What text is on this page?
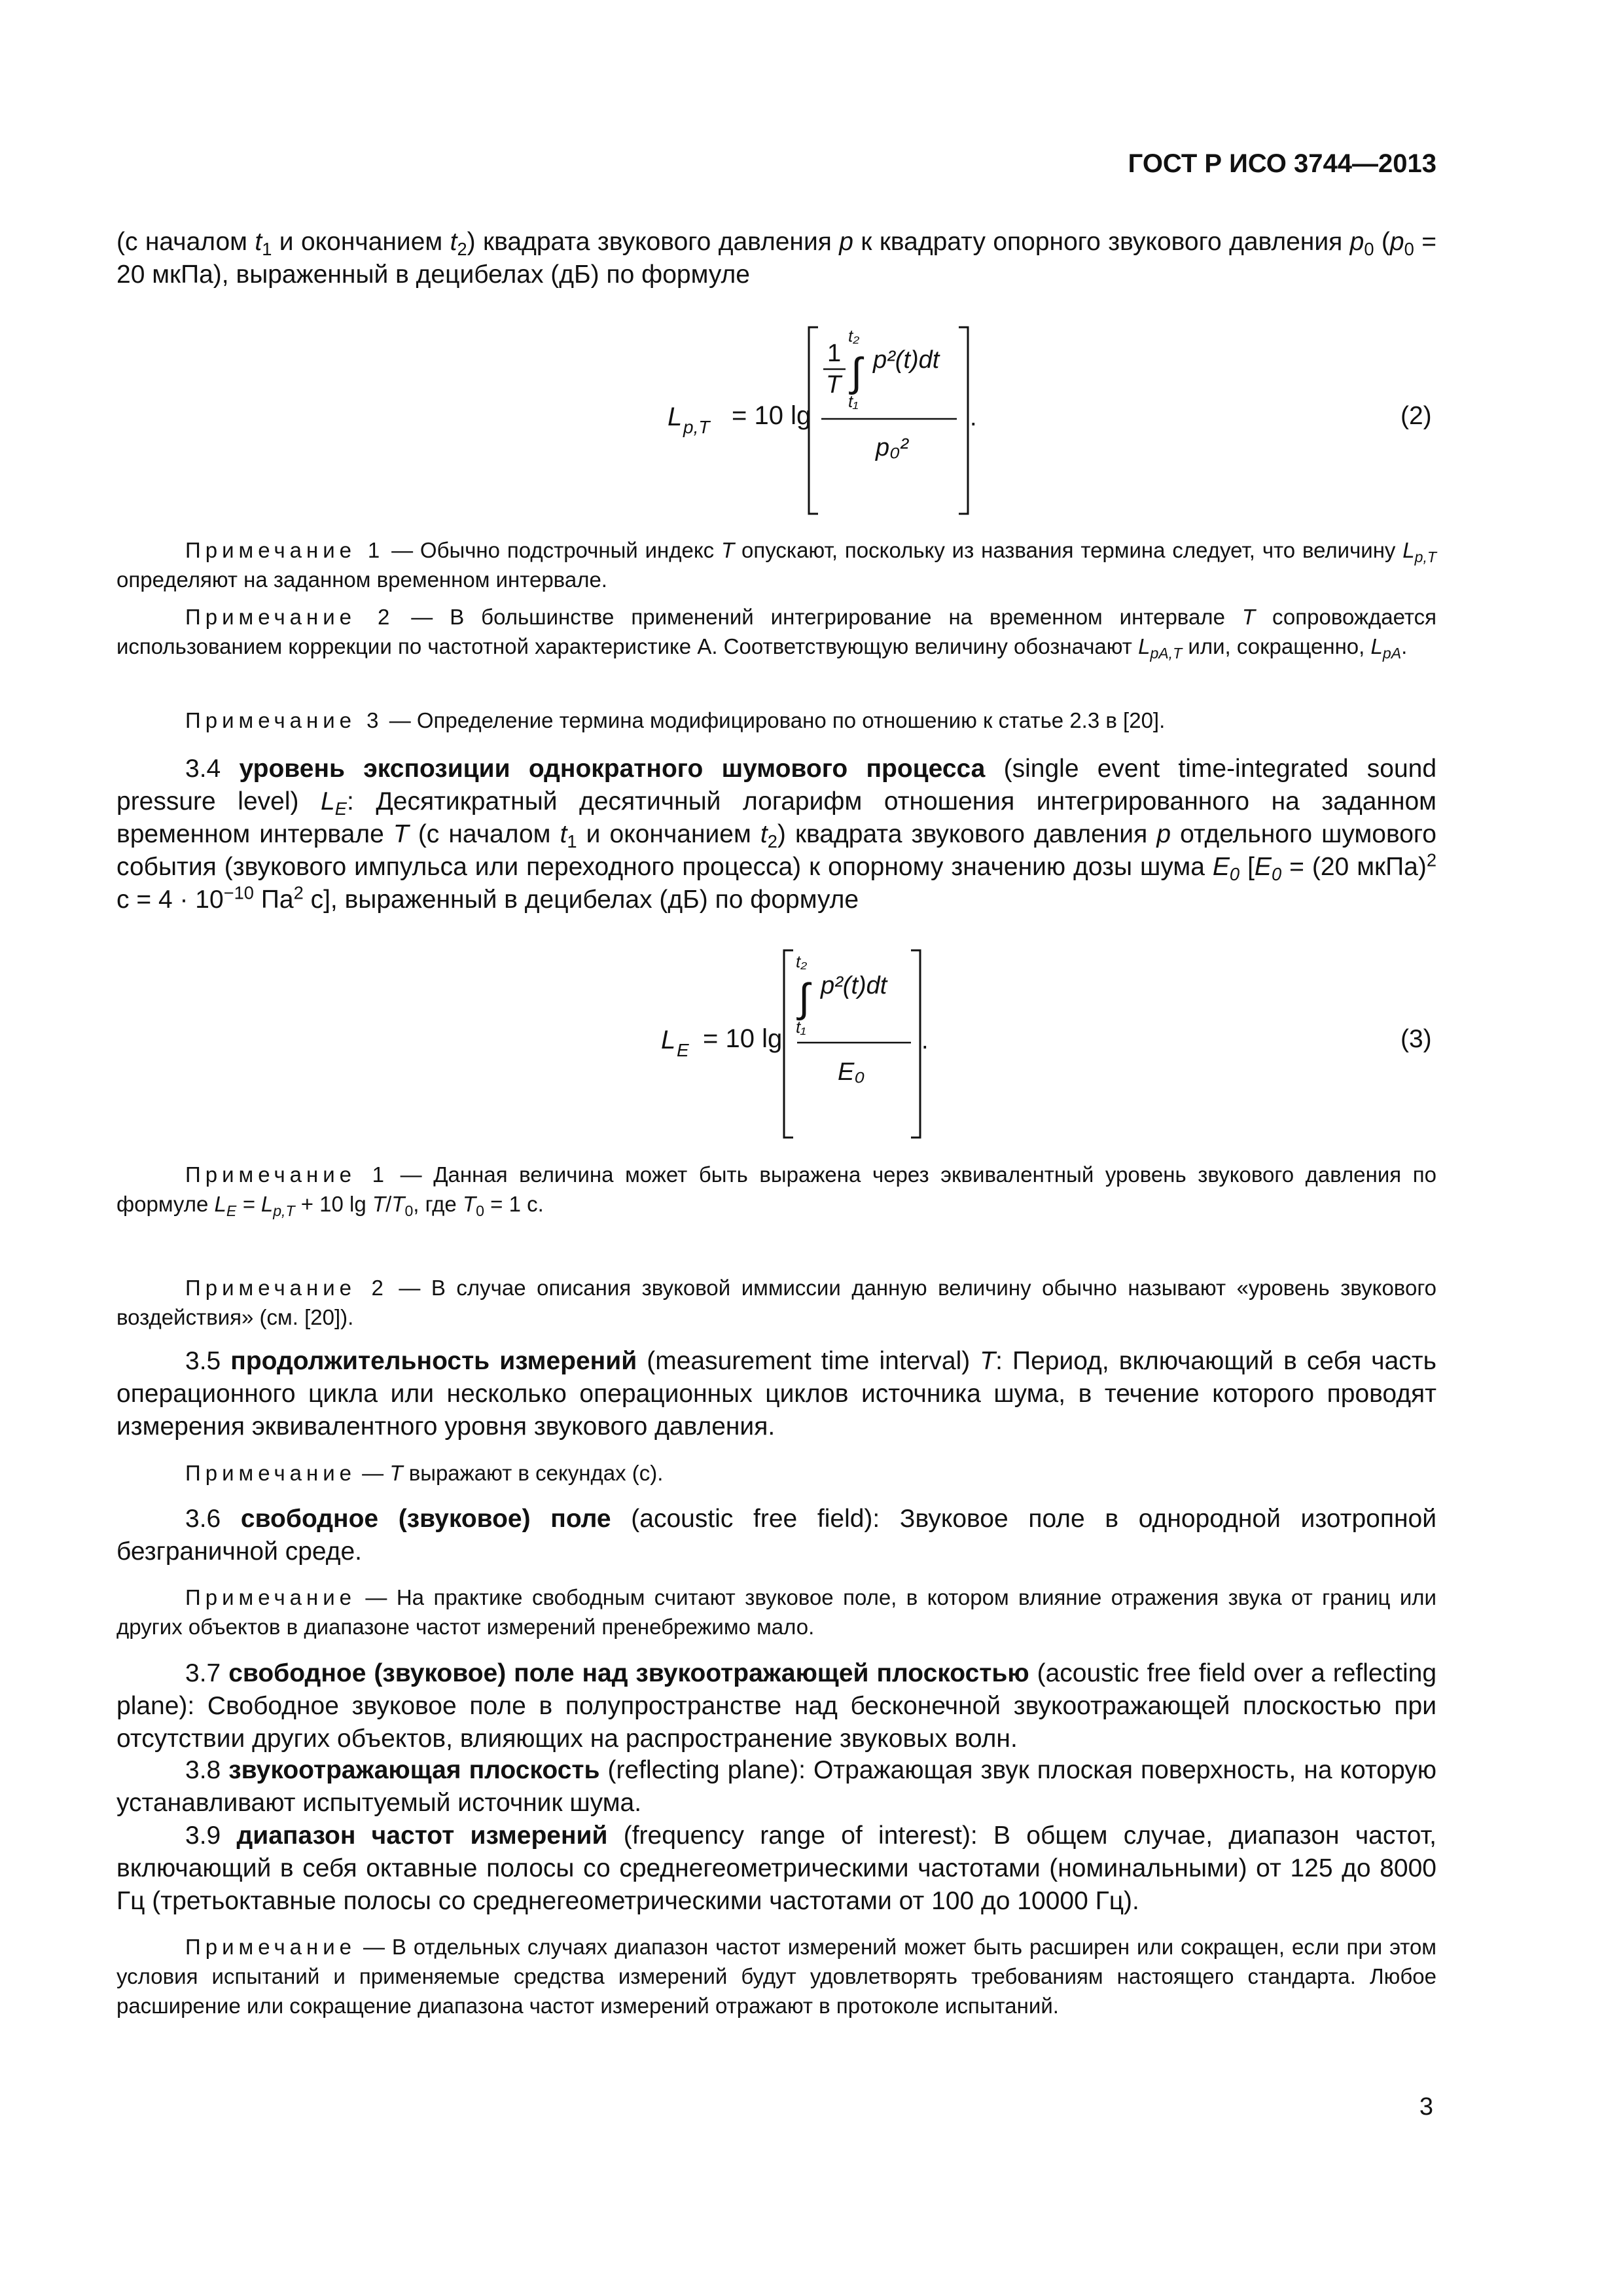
ГОСТ Р ИСО 3744—2013
(с началом $t_1$ и окончанием $t_2$) квадрата звукового давления p к квадрату опорного звукового давления $p_0$ ($p_0 = 20$ мкПа), выраженный в децибелах (дБ) по формуле
L p,T = 10 lg
1
T
t₂
∫
t₁
p²(t)dt
p₀²
.	(2)
Примечание 1 — Обычно подстрочный индекс T опускают, поскольку из названия термина следует, что величину $L_{p,T}$ определяют на заданном временном интервале.
Примечание 2 — В большинстве применений интегрирование на временном интервале T сопровождается использованием коррекции по частотной характеристике А. Соответствующую величину обозначают $L_{pA,T}$ или, сокращенно, $L_{pA}$.
Примечание 3 — Определение термина модифицировано по отношению к статье 2.3 в [20].
3.4 уровень экспозиции однократного шумового процесса (single event time-integrated sound pressure level) $L_E$: Десятикратный десятичный логарифм отношения интегрированного на заданном временном интервале T (с началом $t_1$ и окончанием $t_2$) квадрата звукового давления p отдельного шумового события (звукового импульса или переходного процесса) к опорному значению дозы шума $E_0$ [$E_0 = (20$ мкПа)$^2$ $с = 4 \cdot 10^{-10}$ $Па^2$ с], выраженный в децибелах (дБ) по формуле
L E = 10 lg
t₂
∫
t₁
p²(t)dt
E₀
.	(3)
Примечание 1 — Данная величина может быть выражена через эквивалентный уровень звукового давления по формуле $L_E = L_{p,T} + 10$ $\lg T/T_0$, где $T_0 = 1$ с.
Примечание 2 — В случае описания звуковой иммиссии данную величину обычно называют «уровень звукового воздействия» (см. [20]).
3.5 продолжительность измерений (measurement time interval) T: Период, включающий в себя часть операционного цикла или несколько операционных циклов источника шума, в течение которого проводят измерения эквивалентного уровня звукового давления.
Примечание — T выражают в секундах (с).
3.6 свободное (звуковое) поле (acoustic free field): Звуковое поле в однородной изотропной безграничной среде.
Примечание — На практике свободным считают звуковое поле, в котором влияние отражения звука от границ или других объектов в диапазоне частот измерений пренебрежимо мало.
3.7 свободное (звуковое) поле над звукоотражающей плоскостью (acoustic free field over a reflecting plane): Свободное звуковое поле в полупространстве над бесконечной звукоотражающей плоскостью при отсутствии других объектов, влияющих на распространение звуковых волн.
3.8 звукоотражающая плоскость (reflecting plane): Отражающая звук плоская поверхность, на которую устанавливают испытуемый источник шума.
3.9 диапазон частот измерений (frequency range of interest): В общем случае, диапазон частот, включающий в себя октавные полосы со среднегеометрическими частотами (номинальными) от 125 до 8000 Гц (третьоктавные полосы со среднегеометрическими частотами от 100 до 10000 Гц).
Примечание — В отдельных случаях диапазон частот измерений может быть расширен или сокращен, если при этом условия испытаний и применяемые средства измерений будут удовлетворять требованиям настоящего стандарта. Любое расширение или сокращение диапазона частот измерений отражают в протоколе испытаний.
3
